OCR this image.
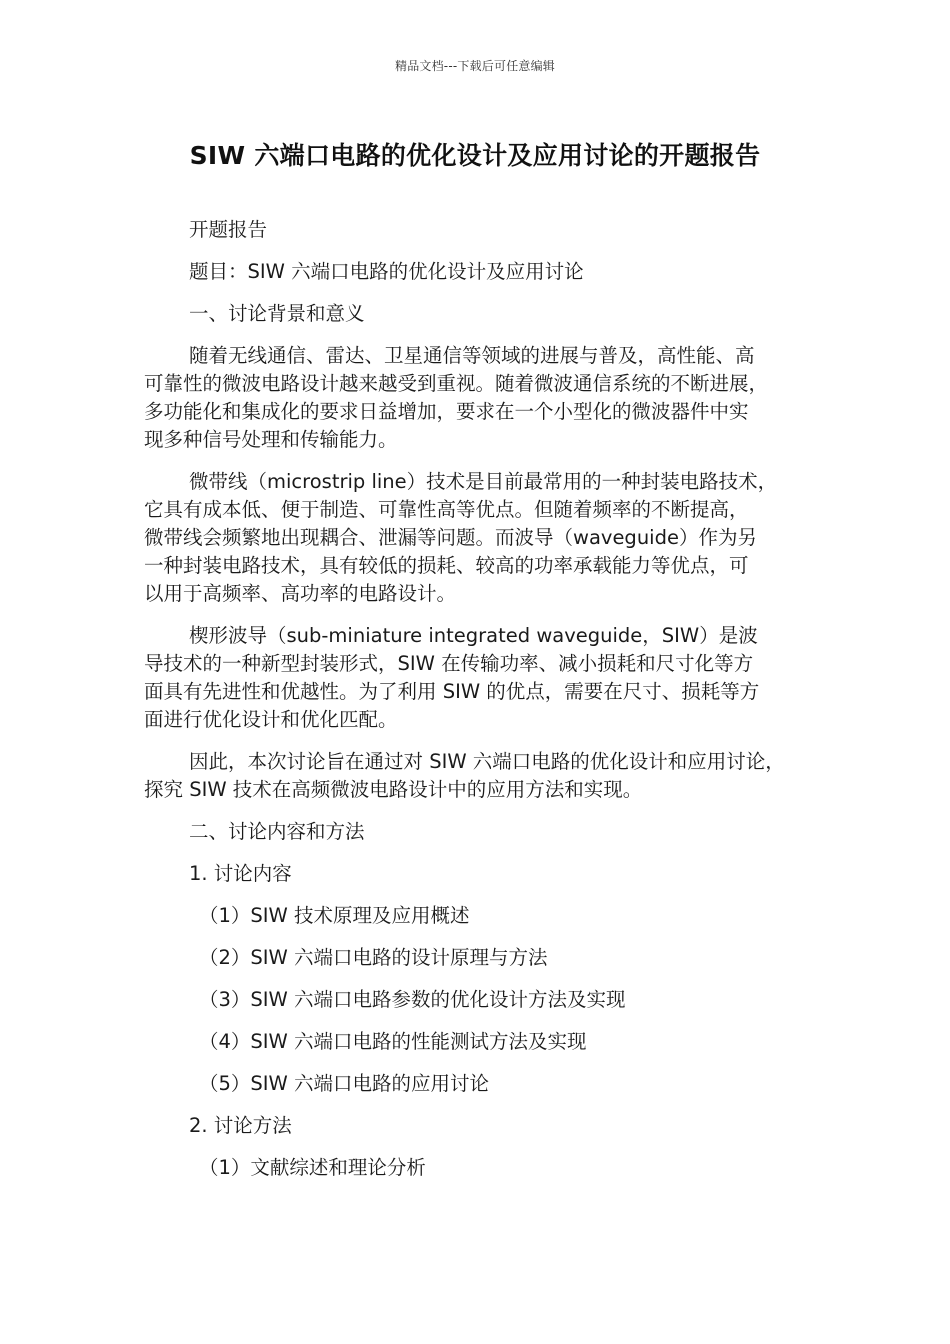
精品文档---下载后可任意编辑
SIW 六端口电路的优化设计及应用讨论的开题报告

开题报告

题目：SIW 六端口电路的优化设计及应用讨论

一、讨论背景和意义

随着无线通信、雷达、卫星通信等领域的进展与普及，高性能、高
可靠性的微波电路设计越来越受到重视。随着微波通信系统的不断进展，
多功能化和集成化的要求日益增加，要求在一个小型化的微波器件中实
现多种信号处理和传输能力。

微带线（microstrip line）技术是目前最常用的一种封装电路技术，
它具有成本低、便于制造、可靠性高等优点。但随着频率的不断提高，
微带线会频繁地出现耦合、泄漏等问题。而波导（waveguide）作为另
一种封装电路技术，具有较低的损耗、较高的功率承载能力等优点，可
以用于高频率、高功率的电路设计。

楔形波导（sub-miniature integrated waveguide，SIW）是波
导技术的一种新型封装形式，SIW 在传输功率、减小损耗和尺寸化等方
面具有先进性和优越性。为了利用 SIW 的优点，需要在尺寸、损耗等方
面进行优化设计和优化匹配。

因此，本次讨论旨在通过对 SIW 六端口电路的优化设计和应用讨论，
探究 SIW 技术在高频微波电路设计中的应用方法和实现。

二、讨论内容和方法

1. 讨论内容

（1）SIW 技术原理及应用概述
（2）SIW 六端口电路的设计原理与方法
（3）SIW 六端口电路参数的优化设计方法及实现
（4）SIW 六端口电路的性能测试方法及实现
（5）SIW 六端口电路的应用讨论

2. 讨论方法

（1）文献综述和理论分析
